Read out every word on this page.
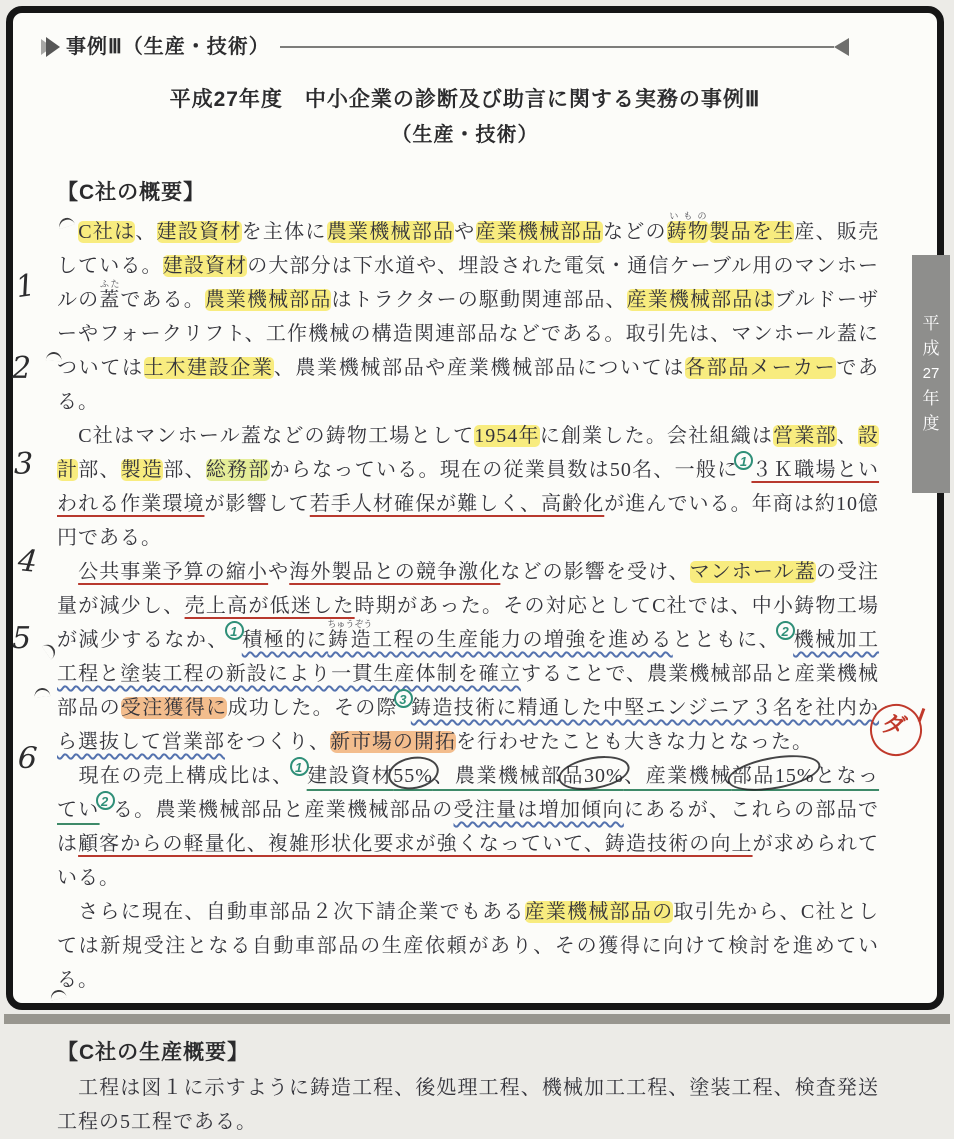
事例Ⅲ（生産・技術）
平成27年度　中小企業の診断及び助言に関する実務の事例Ⅲ
（生産・技術）
【C社の概要】

　C社は、建設資材を主体に農業機械部品や産業機械部品などの鋳物いもの製品を生産、販売している。建設資材の大部分は下水道や、埋設された電気・通信ケーブル用のマンホールの蓋ふたである。農業機械部品はトラクターの駆動関連部品、産業機械部品はブルドーザーやフォークリフト、工作機械の構造関連部品などである。取引先は、マンホール蓋については土木建設企業、農業機械部品や産業機械部品については各部品メーカーである。

　C社はマンホール蓋などの鋳物工場として1954年に創業した。会社組織は営業部、設計部、製造部、総務部からなっている。現在の従業員数は50名、一般に1 ３Ｋ職場といわれる作業環境が影響して若手人材確保が難しく、高齢化が進んでいる。年商は約10億円である。

　公共事業予算の縮小や海外製品との競争激化などの影響を受け、マンホール蓋の受注量が減少し、売上高が低迷した時期があった。その対応としてC社では、中小鋳物工場が減少するなか、1 積極的に鋳造ちゅうぞう工程の生産能力の増強を進めるとともに、2 機械加工工程と塗装工程の新設により一貫生産体制を確立することで、農業機械部品と産業機械部品の受注獲得に成功した。その際3 鋳造技術に精通した中堅エンジニア３名を社内から選抜して営業部をつくり、新市場の開拓を行わせたことも大きな力となった。

　現在の売上構成比は、1 建設資材55%、農業機械部品30%、産業機械部品15%となってい2 る。農業機械部品と産業機械部品の受注量は増加傾向にあるが、これらの部品では顧客からの軽量化、複雑形状化要求が強くなっていて、鋳造技術の向上が求められている。

　さらに現在、自動車部品２次下請企業でもある産業機械部品の取引先から、C社としては新規受注となる自動車部品の生産依頼があり、その獲得に向けて検討を進めている。

【C社の生産概要】

　工程は図１に示すように鋳造工程、後処理工程、機械加工工程、塗装工程、検査発送工程の5工程である。

平
成
27
年
度
1
2
3
4
5
6
ダ
